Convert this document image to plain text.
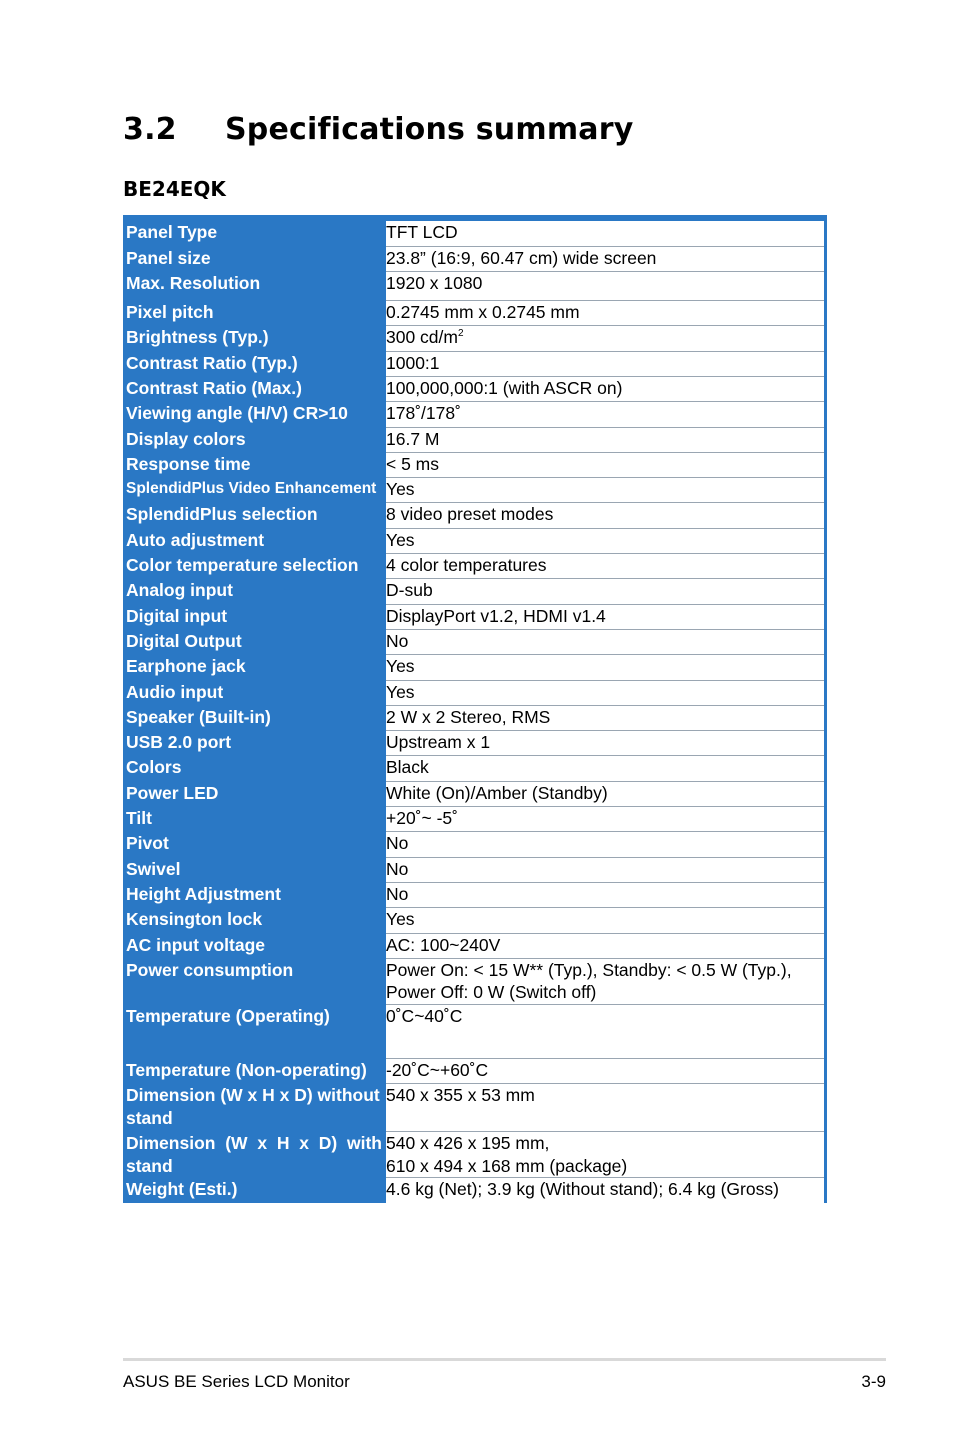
3.2 Specifications summary
BE24EQK
Panel Type	TFT LCD
Panel size	23.8” (16:9, 60.47 cm) wide screen
Max. Resolution	1920 x 1080
Pixel pitch	0.2745 mm x 0.2745 mm
Brightness (Typ.)	300 $cd/m^2$
Contrast Ratio (Typ.)	1000:1
Contrast Ratio (Max.)	100,000,000:1 (with ASCR on)
Viewing angle (H/V) CR>10	178˚/178˚
Display colors	16.7 M
Response time	< 5 ms
SplendidPlus Video Enhancement	Yes
SplendidPlus selection	8 video preset modes
Auto adjustment	Yes
Color temperature selection	4 color temperatures
Analog input	D-sub
Digital input	DisplayPort v1.2, HDMI v1.4
Digital Output	No
Earphone jack	Yes
Audio input	Yes
Speaker (Built-in)	2 W x 2 Stereo, RMS
USB 2.0 port	Upstream x 1
Colors	Black
Power LED	White (On)/Amber (Standby)
Tilt	+20˚~ -5˚
Pivot	No
Swivel	No
Height Adjustment	No
Kensington lock	Yes
AC input voltage	AC: 100~240V
Power consumption	Power On: < 15 W** (Typ.), Standby: < 0.5 W (Typ.), Power Off: 0 W (Switch off)
Temperature (Operating)	0˚C~40˚C
Temperature (Non-operating)	-20˚C~+60˚C
Dimension (W x H x D) without stand	540 x 355 x 53 mm
Dimension (W x H x D) with stand	540 x 426 x 195 mm,
610 x 494 x 168 mm (package)
Weight (Esti.)	4.6 kg (Net); 3.9 kg (Without stand); 6.4 kg (Gross)
ASUS BE Series LCD Monitor	3-9
